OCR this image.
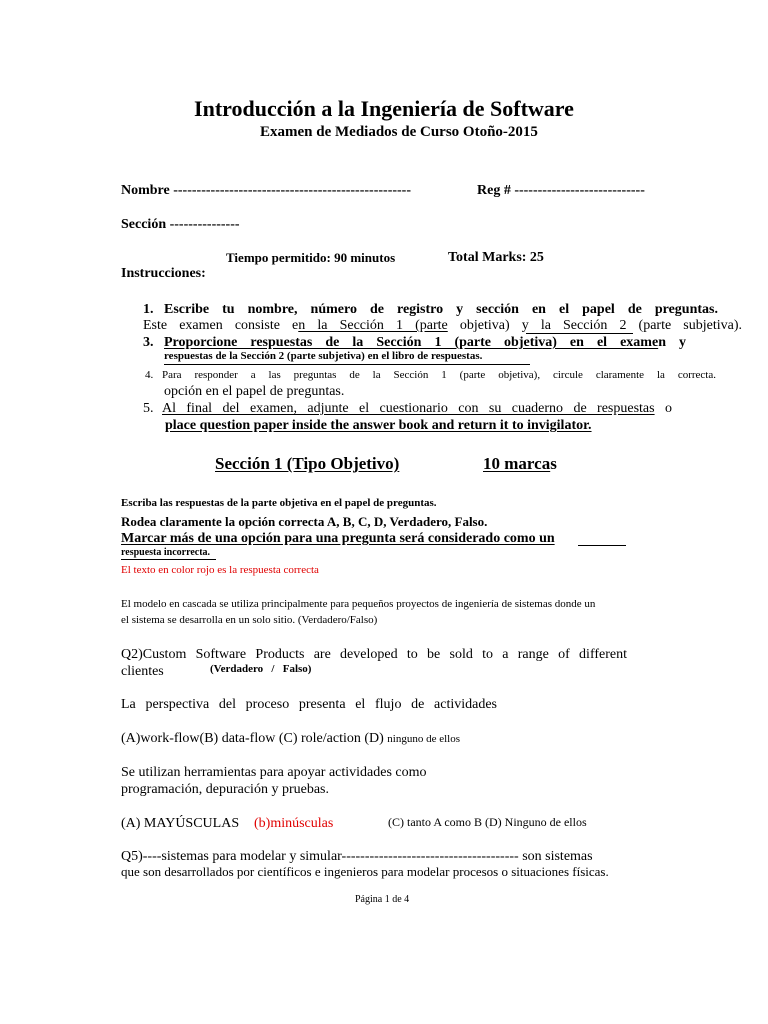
Introducción a la Ingeniería de Software
Examen de Mediados de Curso Otoño-2015
Nombre ---------------------------------------------------	Reg # ----------------------------
Sección ---------------
Tiempo permitido: 90 minutos	Total Marks: 25
Instrucciones:
1. Escribe tu nombre, número de registro y sección en el papel de preguntas.
Este examen consiste en la Sección 1 (parte objetiva) y la Sección 2 (parte subjetiva).
3. Proporcione respuestas de la Sección 1 (parte objetiva) en el examen y
respuestas de la Sección 2 (parte subjetiva) en el libro de respuestas.
4. Para responder a las preguntas de la Sección 1 (parte objetiva), circule claramente la correcta.
opción en el papel de preguntas.
5. Al final del examen, adjunte el cuestionario con su cuaderno de respuestas o
place question paper inside the answer book and return it to invigilator.
Sección 1 (Tipo Objetivo)	10 marcas
Escriba las respuestas de la parte objetiva en el papel de preguntas.
Rodea claramente la opción correcta A, B, C, D, Verdadero, Falso.
Marcar más de una opción para una pregunta será considerado como un
respuesta incorrecta.
El texto en color rojo es la respuesta correcta
El modelo en cascada se utiliza principalmente para pequeños proyectos de ingeniería de sistemas donde un
el sistema se desarrolla en un solo sitio. (Verdadero/Falso)
Q2)Custom Software Products are developed to be sold to a range of different
clientes	(Verdadero   /   Falso)
La perspectiva del proceso presenta el flujo de actividades
(A)work-flow(B) data-flow (C) role/action (D) ninguno de ellos
Se utilizan herramientas para apoyar actividades como
programación, depuración y pruebas.
(A) MAYÚSCULAS (b)minúsculas	(C) tanto A como B (D) Ninguno de ellos
Q5)----sistemas para modelar y simular-------------------------------------- son sistemas
que son desarrollados por científicos e ingenieros para modelar procesos o situaciones físicas.
Página 1 de 4
